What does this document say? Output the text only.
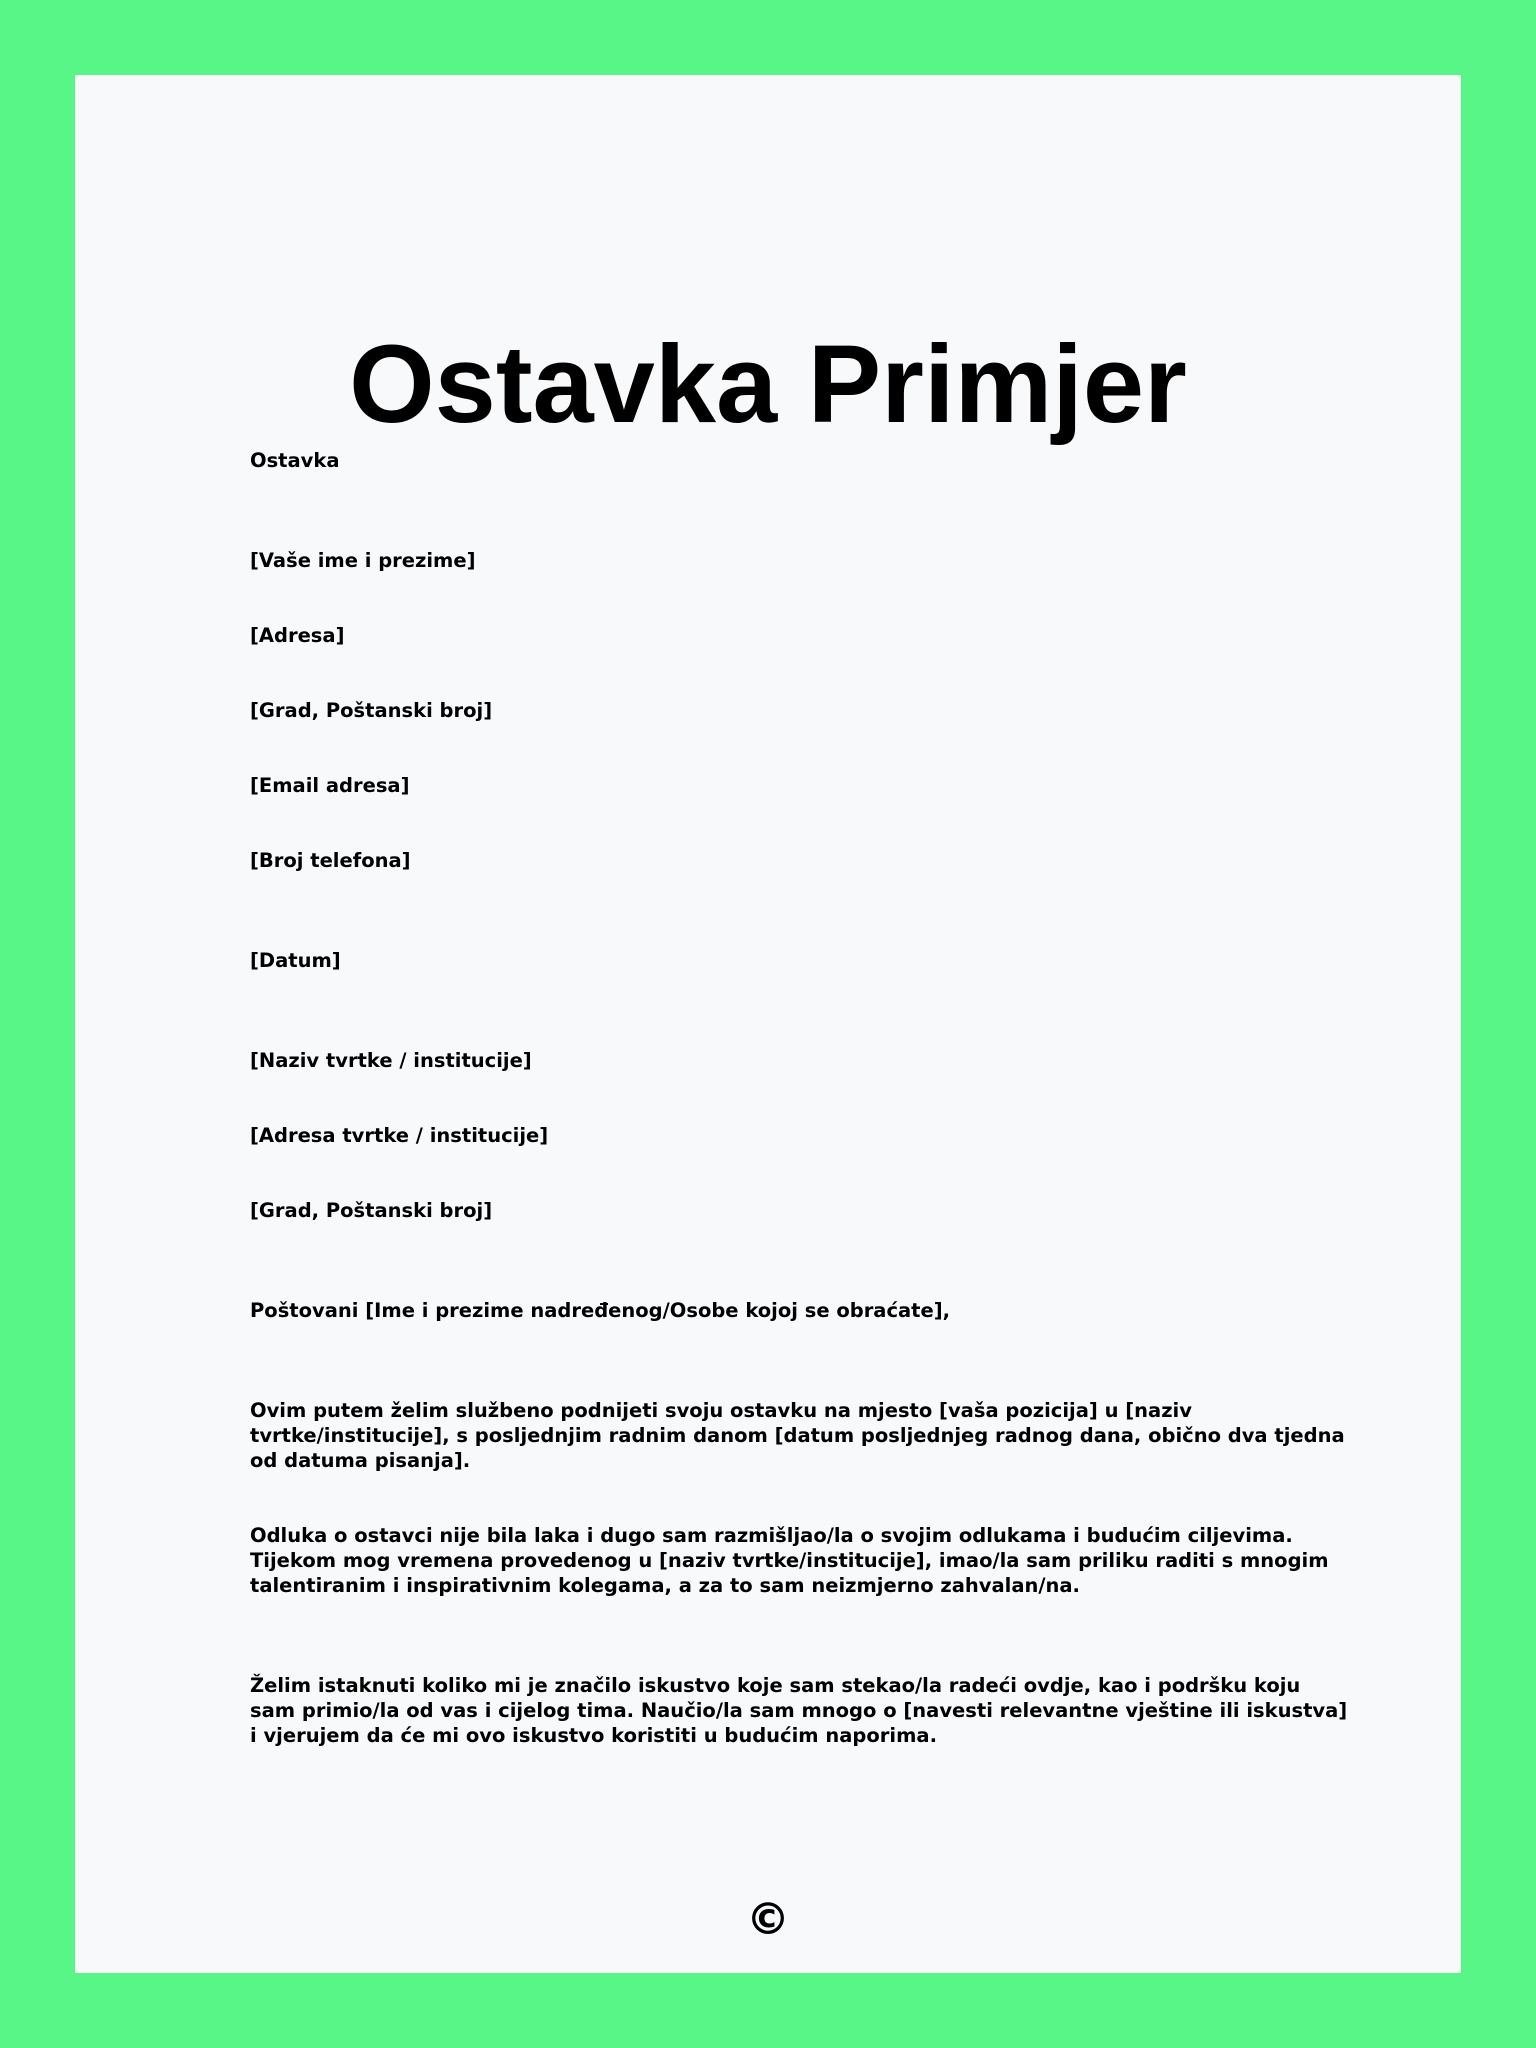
Ostavka Primjer
Ostavka
[Vaše ime i prezime]
[Adresa]
[Grad, Poštanski broj]
[Email adresa]
[Broj telefona]
[Datum]
[Naziv tvrtke / institucije]
[Adresa tvrtke / institucije]
[Grad, Poštanski broj]
Poštovani [Ime i prezime nadređenog/Osobe kojoj se obraćate],

Ovim putem želim službeno podnijeti svoju ostavku na mjesto [vaša pozicija] u [naziv tvrtke/institucije], s posljednjim radnim danom [datum posljednjeg radnog dana, obično dva tjedna od datuma pisanja].

Odluka o ostavci nije bila laka i dugo sam razmišljao/la o svojim odlukama i budućim ciljevima. Tijekom mog vremena provedenog u [naziv tvrtke/institucije], imao/la sam priliku raditi s mnogim talentiranim i inspirativnim kolegama, a za to sam neizmjerno zahvalan/na.

Želim istaknuti koliko mi je značilo iskustvo koje sam stekao/la radeći ovdje, kao i podršku koju sam primio/la od vas i cijelog tima. Naučio/la sam mnogo o [navesti relevantne vještine ili iskustva] i vjerujem da će mi ovo iskustvo koristiti u budućim naporima.

©
